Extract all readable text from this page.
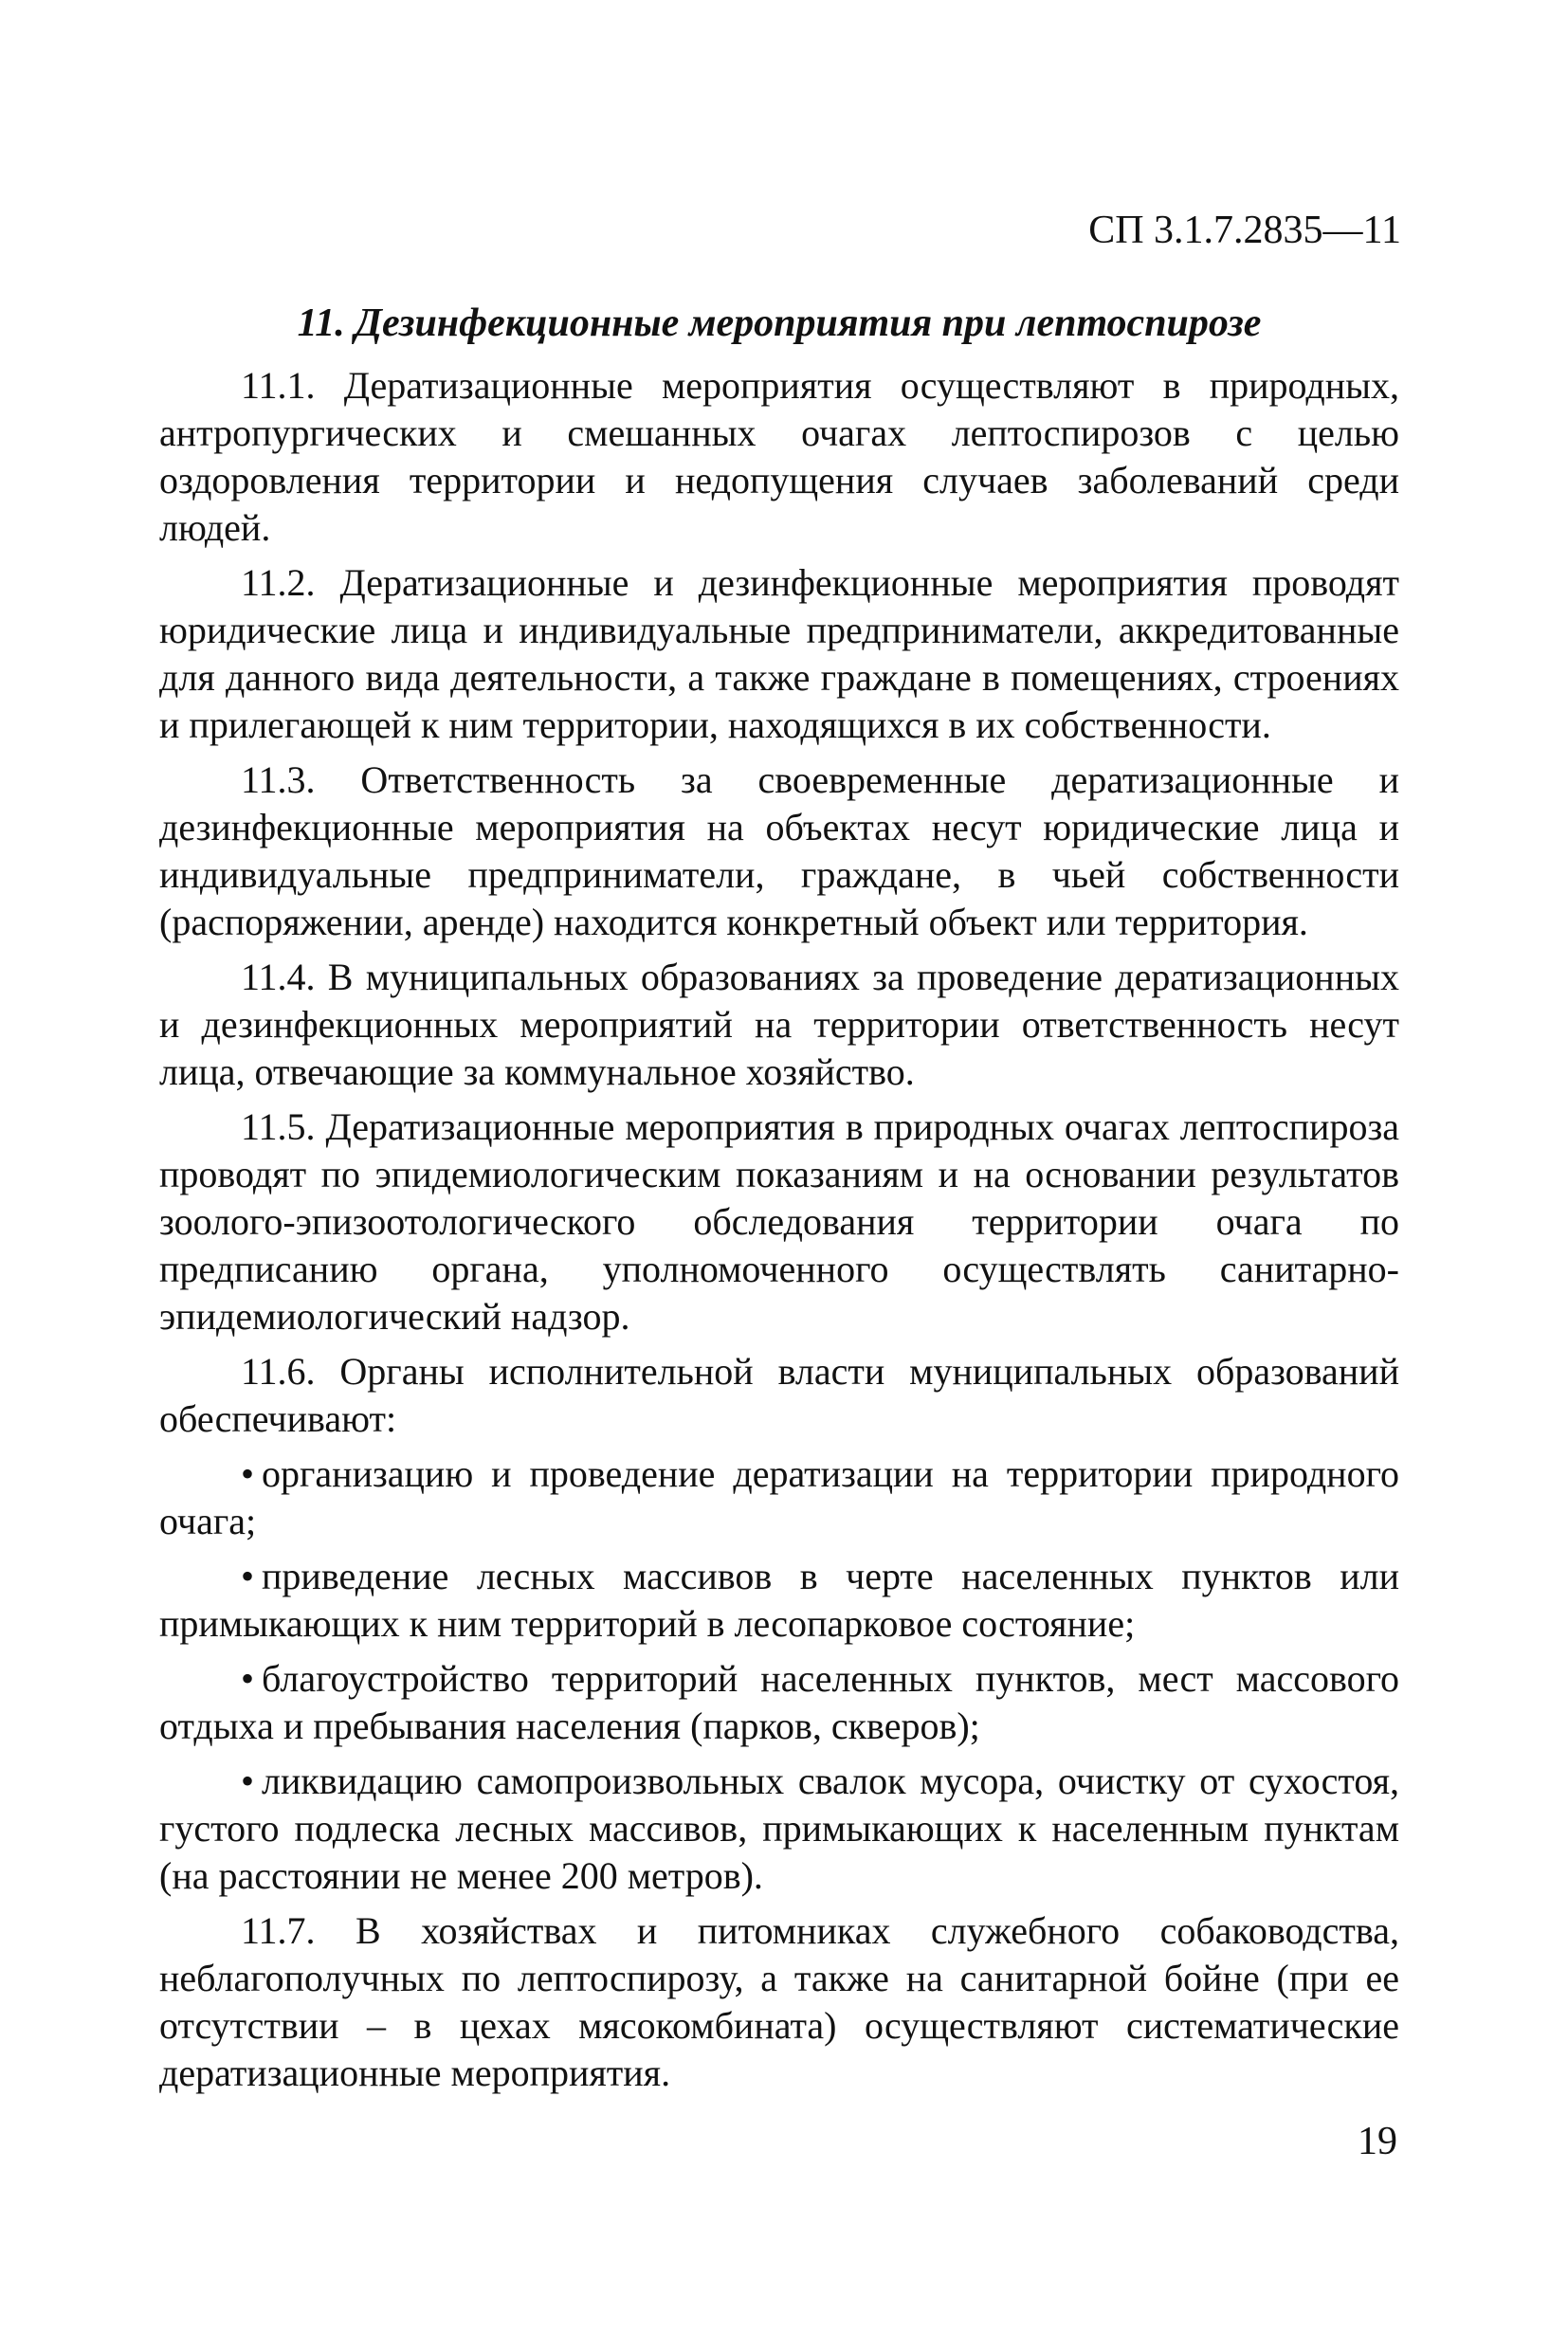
СП 3.1.7.2835—11
11. Дезинфекционные мероприятия при лептоспирозе

11.1. Дератизационные мероприятия осуществляют в природных, антропургических и смешанных очагах лептоспирозов с целью оздоровления территории и недопущения случаев заболеваний среди людей.

11.2. Дератизационные и дезинфекционные мероприятия проводят юридические лица и индивидуальные предприниматели, аккредитованные для данного вида деятельности, а также граждане в помещениях, строениях и прилегающей к ним территории, находящихся в их собственности.

11.3. Ответственность за своевременные дератизационные и дезинфекционные мероприятия на объектах несут юридические лица и индивидуальные предприниматели, граждане, в чьей собственности (распоряжении, аренде) находится конкретный объект или территория.

11.4. В муниципальных образованиях за проведение дератизационных и дезинфекционных мероприятий на территории ответственность несут лица, отвечающие за коммунальное хозяйство.

11.5. Дератизационные мероприятия в природных очагах лептоспироза проводят по эпидемиологическим показаниям и на основании результатов зоолого-эпизоотологического обследования территории очага по предписанию органа, уполномоченного осуществлять санитарно-эпидемиологический надзор.

11.6. Органы исполнительной власти муниципальных образований обеспечивают:

• организацию и проведение дератизации на территории природного очага;

• приведение лесных массивов в черте населенных пунктов или примыкающих к ним территорий в лесопарковое состояние;

• благоустройство территорий населенных пунктов, мест массового отдыха и пребывания населения (парков, скверов);

• ликвидацию самопроизвольных свалок мусора, очистку от сухостоя, густого подлеска лесных массивов, примыкающих к населенным пунктам (на расстоянии не менее 200 метров).

11.7. В хозяйствах и питомниках служебного собаководства, неблагополучных по лептоспирозу, а также на санитарной бойне (при ее отсутствии – в цехах мясокомбината) осуществляют систематические дератизационные мероприятия.

19
